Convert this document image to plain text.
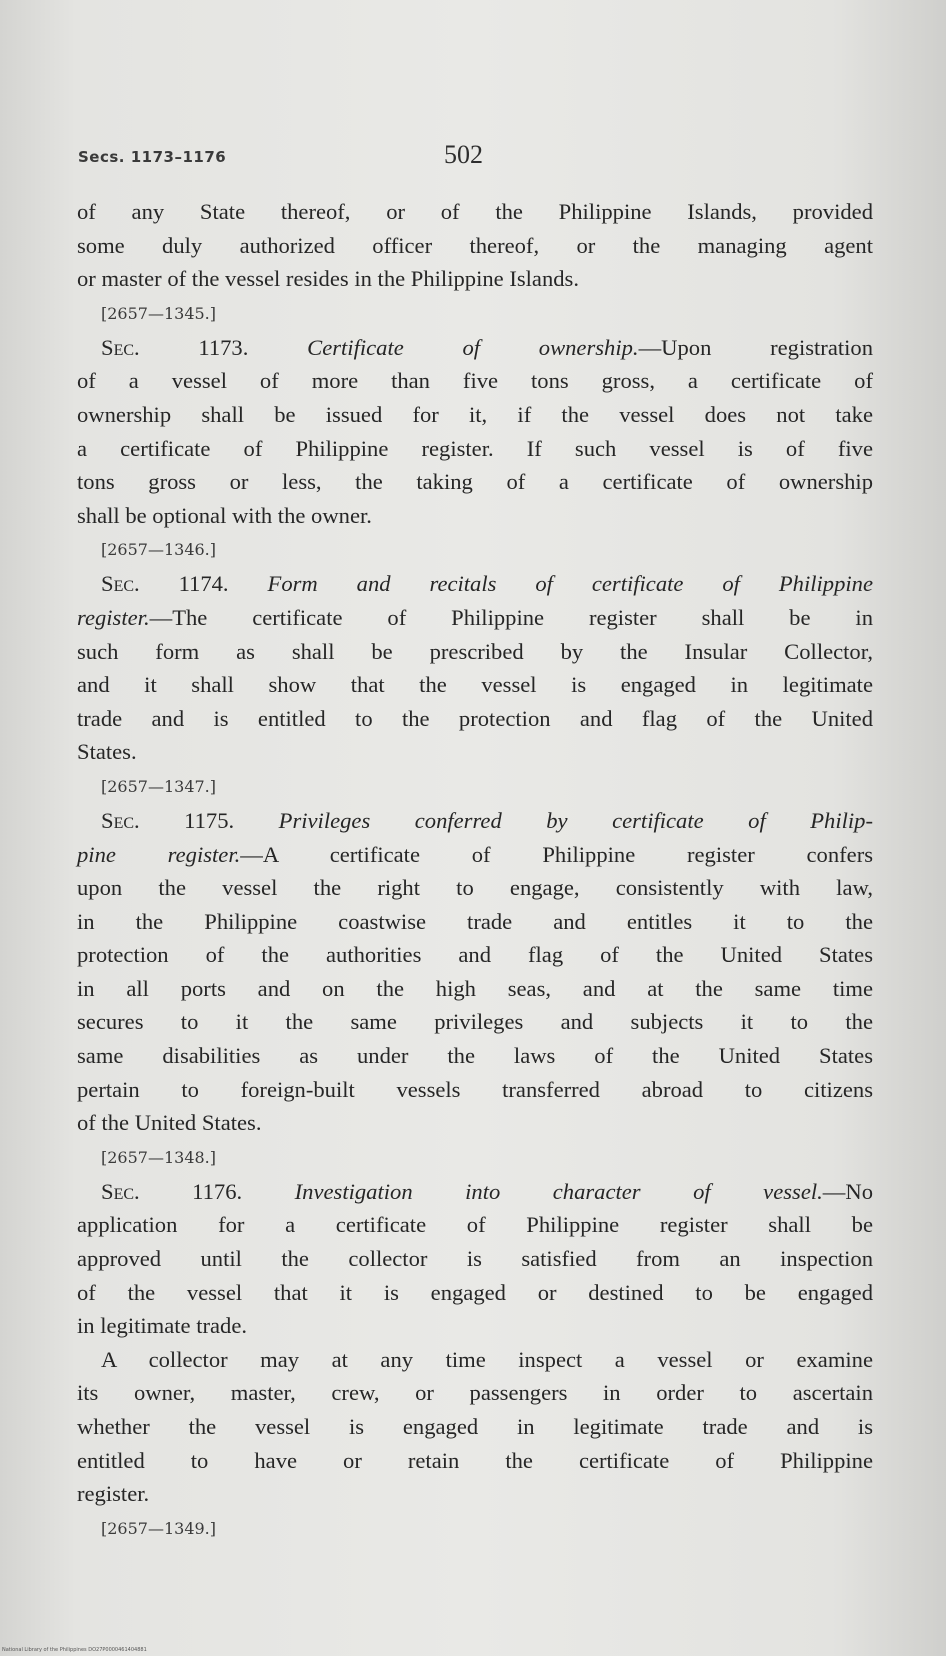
Secs. 1173–1176	502
of any State thereof, or of the Philippine Islands, provided
some duly authorized officer thereof, or the managing agent
or master of the vessel resides in the Philippine Islands.
[2657—1345.]
Sec. 1173.	Certificate of ownership.—Upon registration
of a vessel of more than five tons gross, a certificate of
ownership shall be issued for it, if the vessel does not take
a certificate of Philippine register. If such vessel is of five
tons gross or less, the taking of a certificate of ownership
shall be optional with the owner.
[2657—1346.]
Sec. 1174. Form and recitals of certificate of Philippine
register.—The certificate of Philippine register shall be in
such form as shall be prescribed by the Insular Collector,
and it shall show that the vessel is engaged in legitimate
trade and is entitled to the protection and flag of the United
States.
[2657—1347.]
Sec. 1175. Privileges conferred by certificate of Philip-
pine register.—A certificate of Philippine register confers
upon the vessel the right to engage, consistently with law,
in the Philippine coastwise trade and entitles it to the
protection of the authorities and flag of the United States
in all ports and on the high seas, and at the same time
secures to it the same privileges and subjects it to the
same disabilities as under the laws of the United States
pertain to foreign-built vessels transferred abroad to citizens
of the United States.
[2657—1348.]
Sec. 1176. Investigation into character of vessel.—No
application for a certificate of Philippine register shall be
approved until the collector is satisfied from an inspection
of the vessel that it is engaged or destined to be engaged
in legitimate trade.
A collector may at any time inspect a vessel or examine
its owner, master, crew, or passengers in order to ascertain
whether the vessel is engaged in legitimate trade and is
entitled to have or retain the certificate of Philippine
register.
[2657—1349.]
National Library of the Philippines DO27P0000461404881
